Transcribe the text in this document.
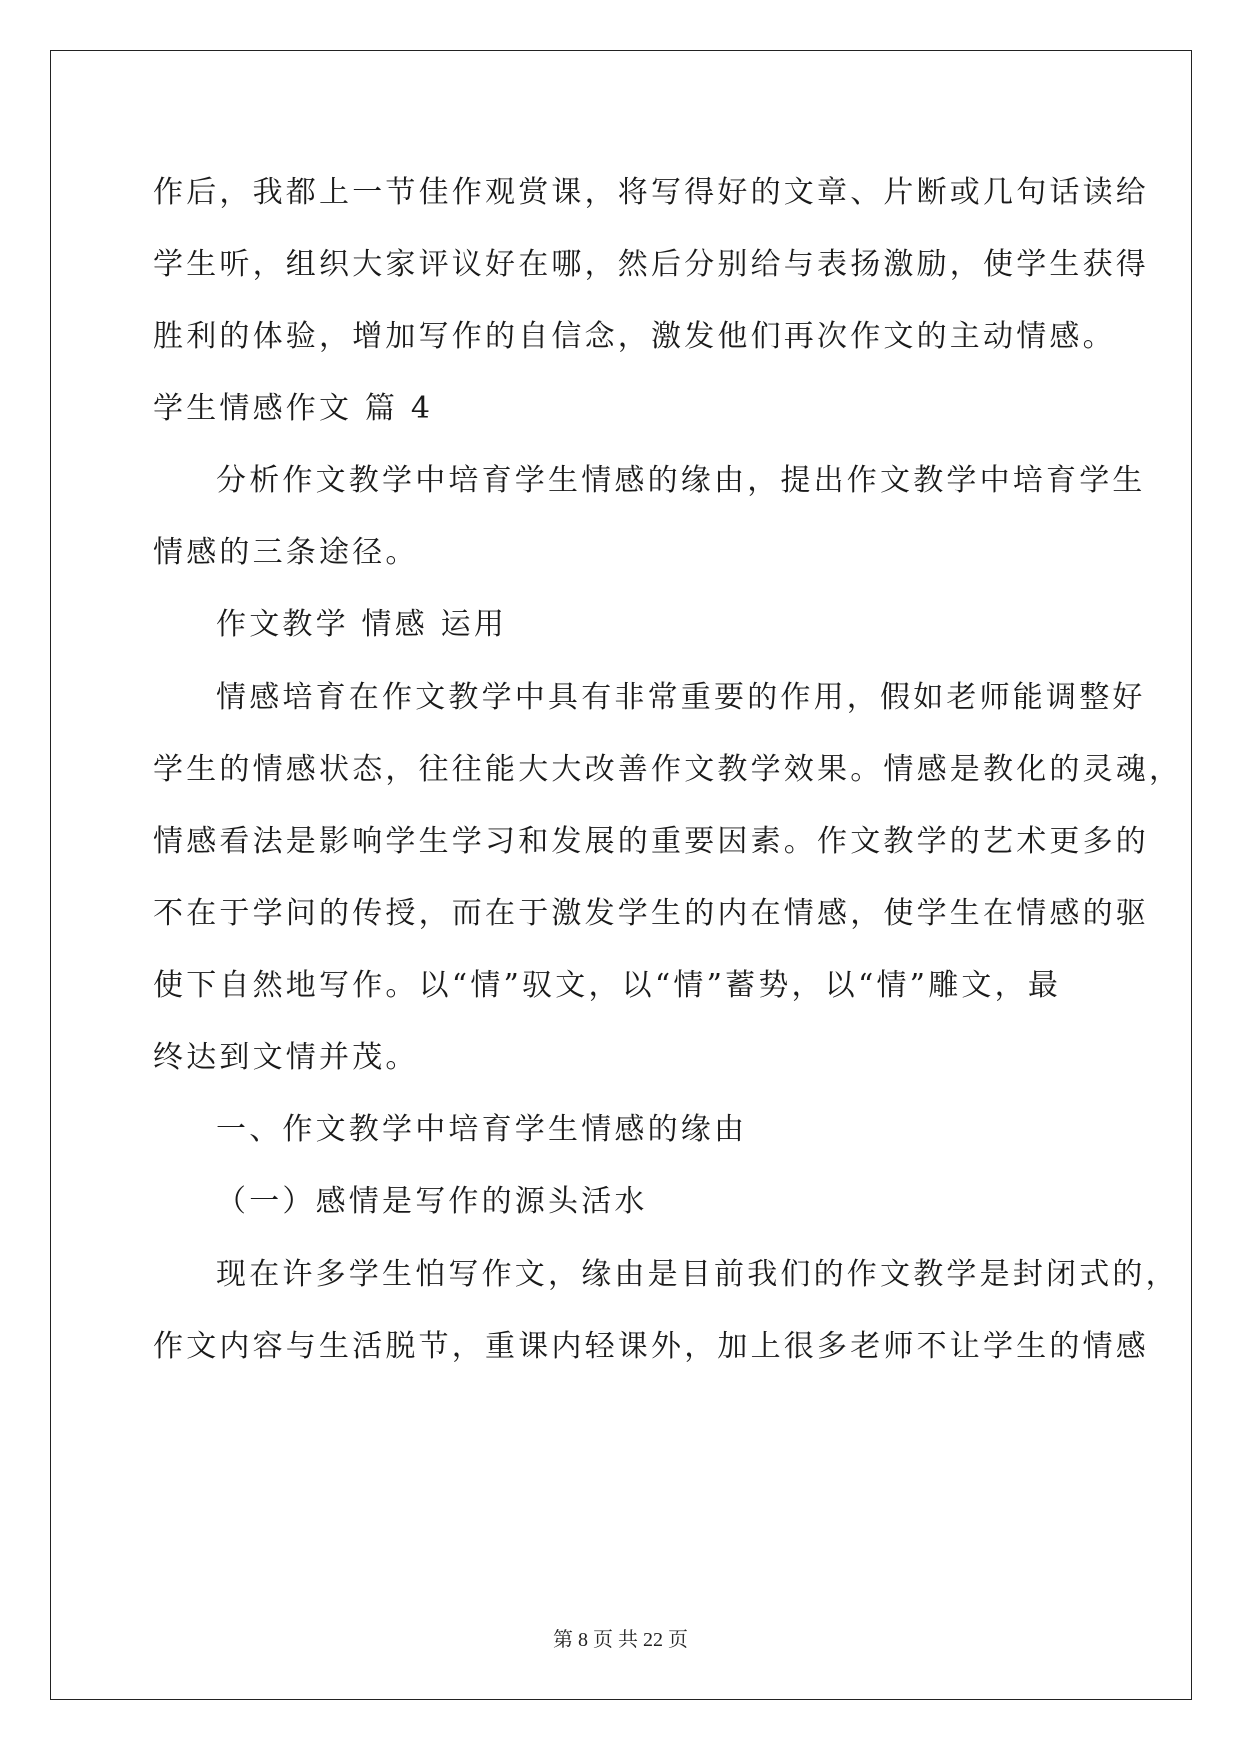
作后，我都上一节佳作观赏课，将写得好的文章、片断或几句话读给
学生听，组织大家评议好在哪，然后分别给与表扬激励，使学生获得
胜利的体验，增加写作的自信念，激发他们再次作文的主动情感。
学生情感作文 篇 4
分析作文教学中培育学生情感的缘由，提出作文教学中培育学生
情感的三条途径。
作文教学 情感 运用
情感培育在作文教学中具有非常重要的作用，假如老师能调整好
学生的情感状态，往往能大大改善作文教学效果。情感是教化的灵魂，
情感看法是影响学生学习和发展的重要因素。作文教学的艺术更多的
不在于学问的传授，而在于激发学生的内在情感，使学生在情感的驱
使下自然地写作。以“情”驭文，以“情”蓄势，以“情”雕文，最
终达到文情并茂。
一、作文教学中培育学生情感的缘由
（一）感情是写作的源头活水
现在许多学生怕写作文，缘由是目前我们的作文教学是封闭式的，
作文内容与生活脱节，重课内轻课外，加上很多老师不让学生的情感
第 8 页 共 22 页
